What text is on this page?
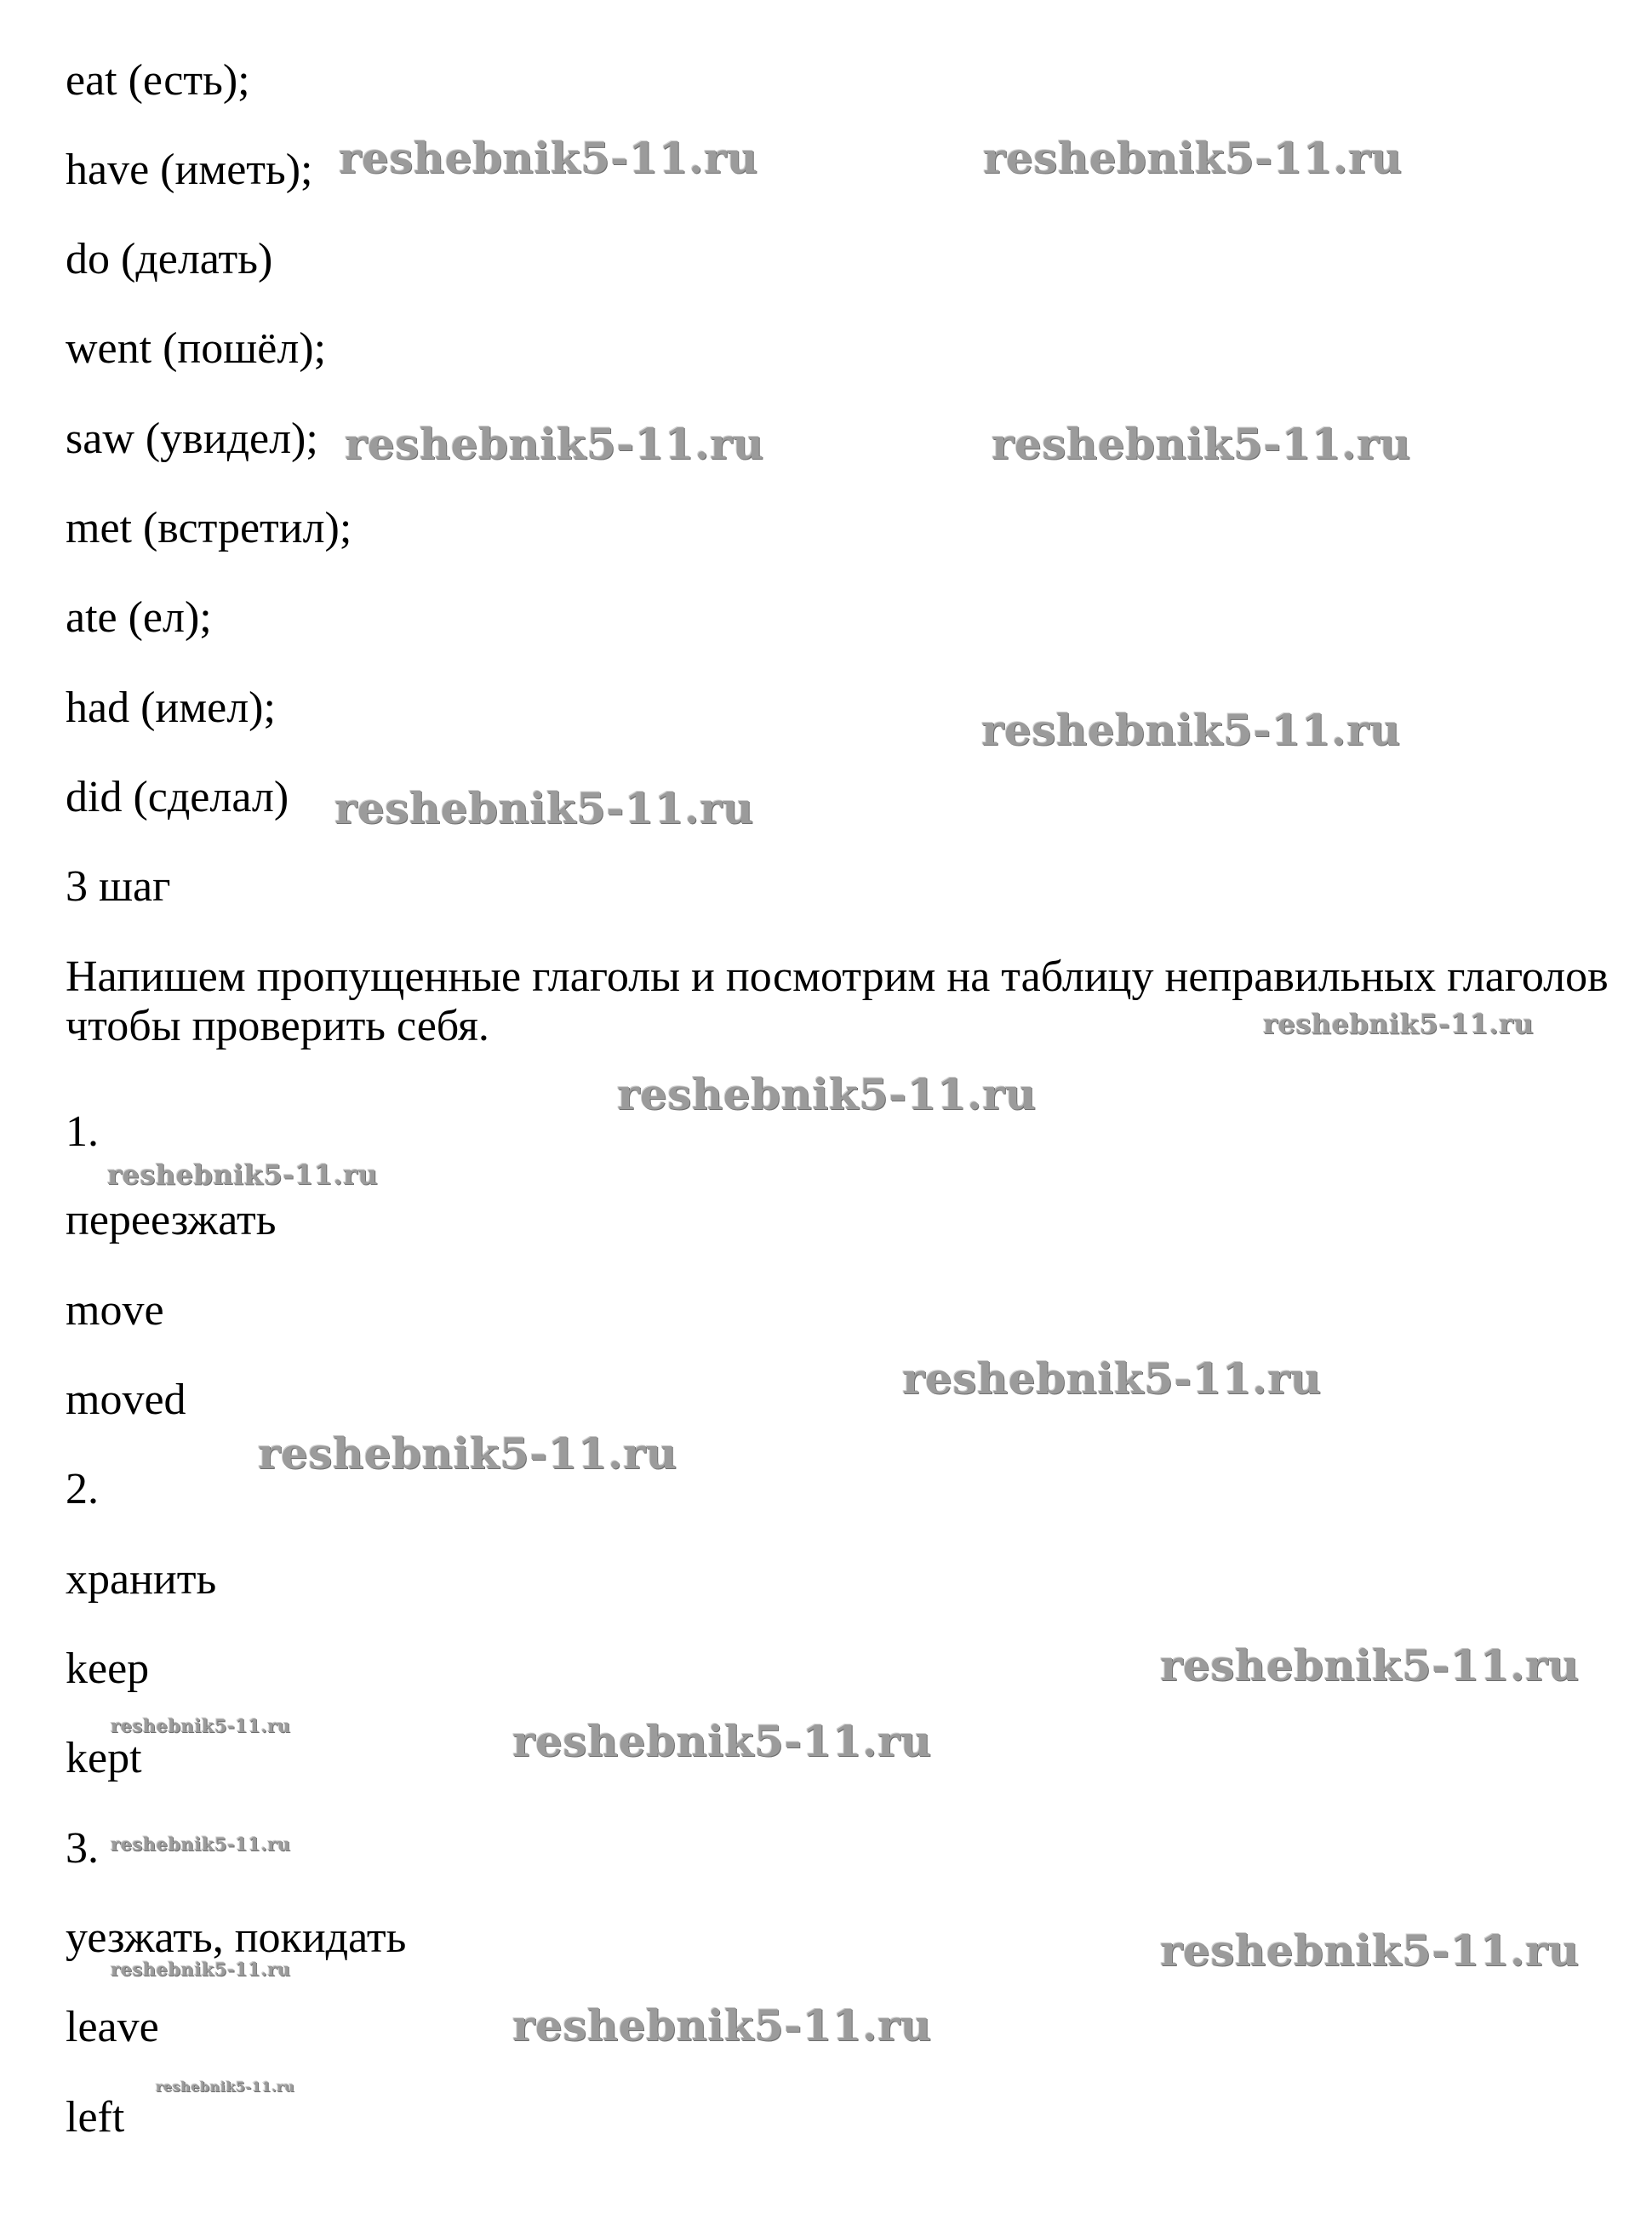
eat (есть);
have (иметь);
do (делать)
went (пошёл);
saw (увидел);
met (встретил);
ate (ел);
had (имел);
did (сделал)
3 шаг
Напишем пропущенные глаголы и посмотрим на таблицу неправильных глаголов чтобы проверить себя.
1.
переезжать
move
moved
2.
хранить
keep
kept
3.
уезжать, покидать
leave
left
reshebnik5-11.ru	reshebnik5-11.ru
reshebnik5-11.ru	reshebnik5-11.ru
reshebnik5-11.ru
reshebnik5-11.ru
reshebnik5-11.ru
reshebnik5-11.ru
reshebnik5-11.ru
reshebnik5-11.ru
reshebnik5-11.ru
reshebnik5-11.ru
reshebnik5-11.ru
reshebnik5-11.ru
reshebnik5-11.ru
reshebnik5-11.ru
reshebnik5-11.ru
reshebnik5-11.ru
reshebnik5-11.ru
